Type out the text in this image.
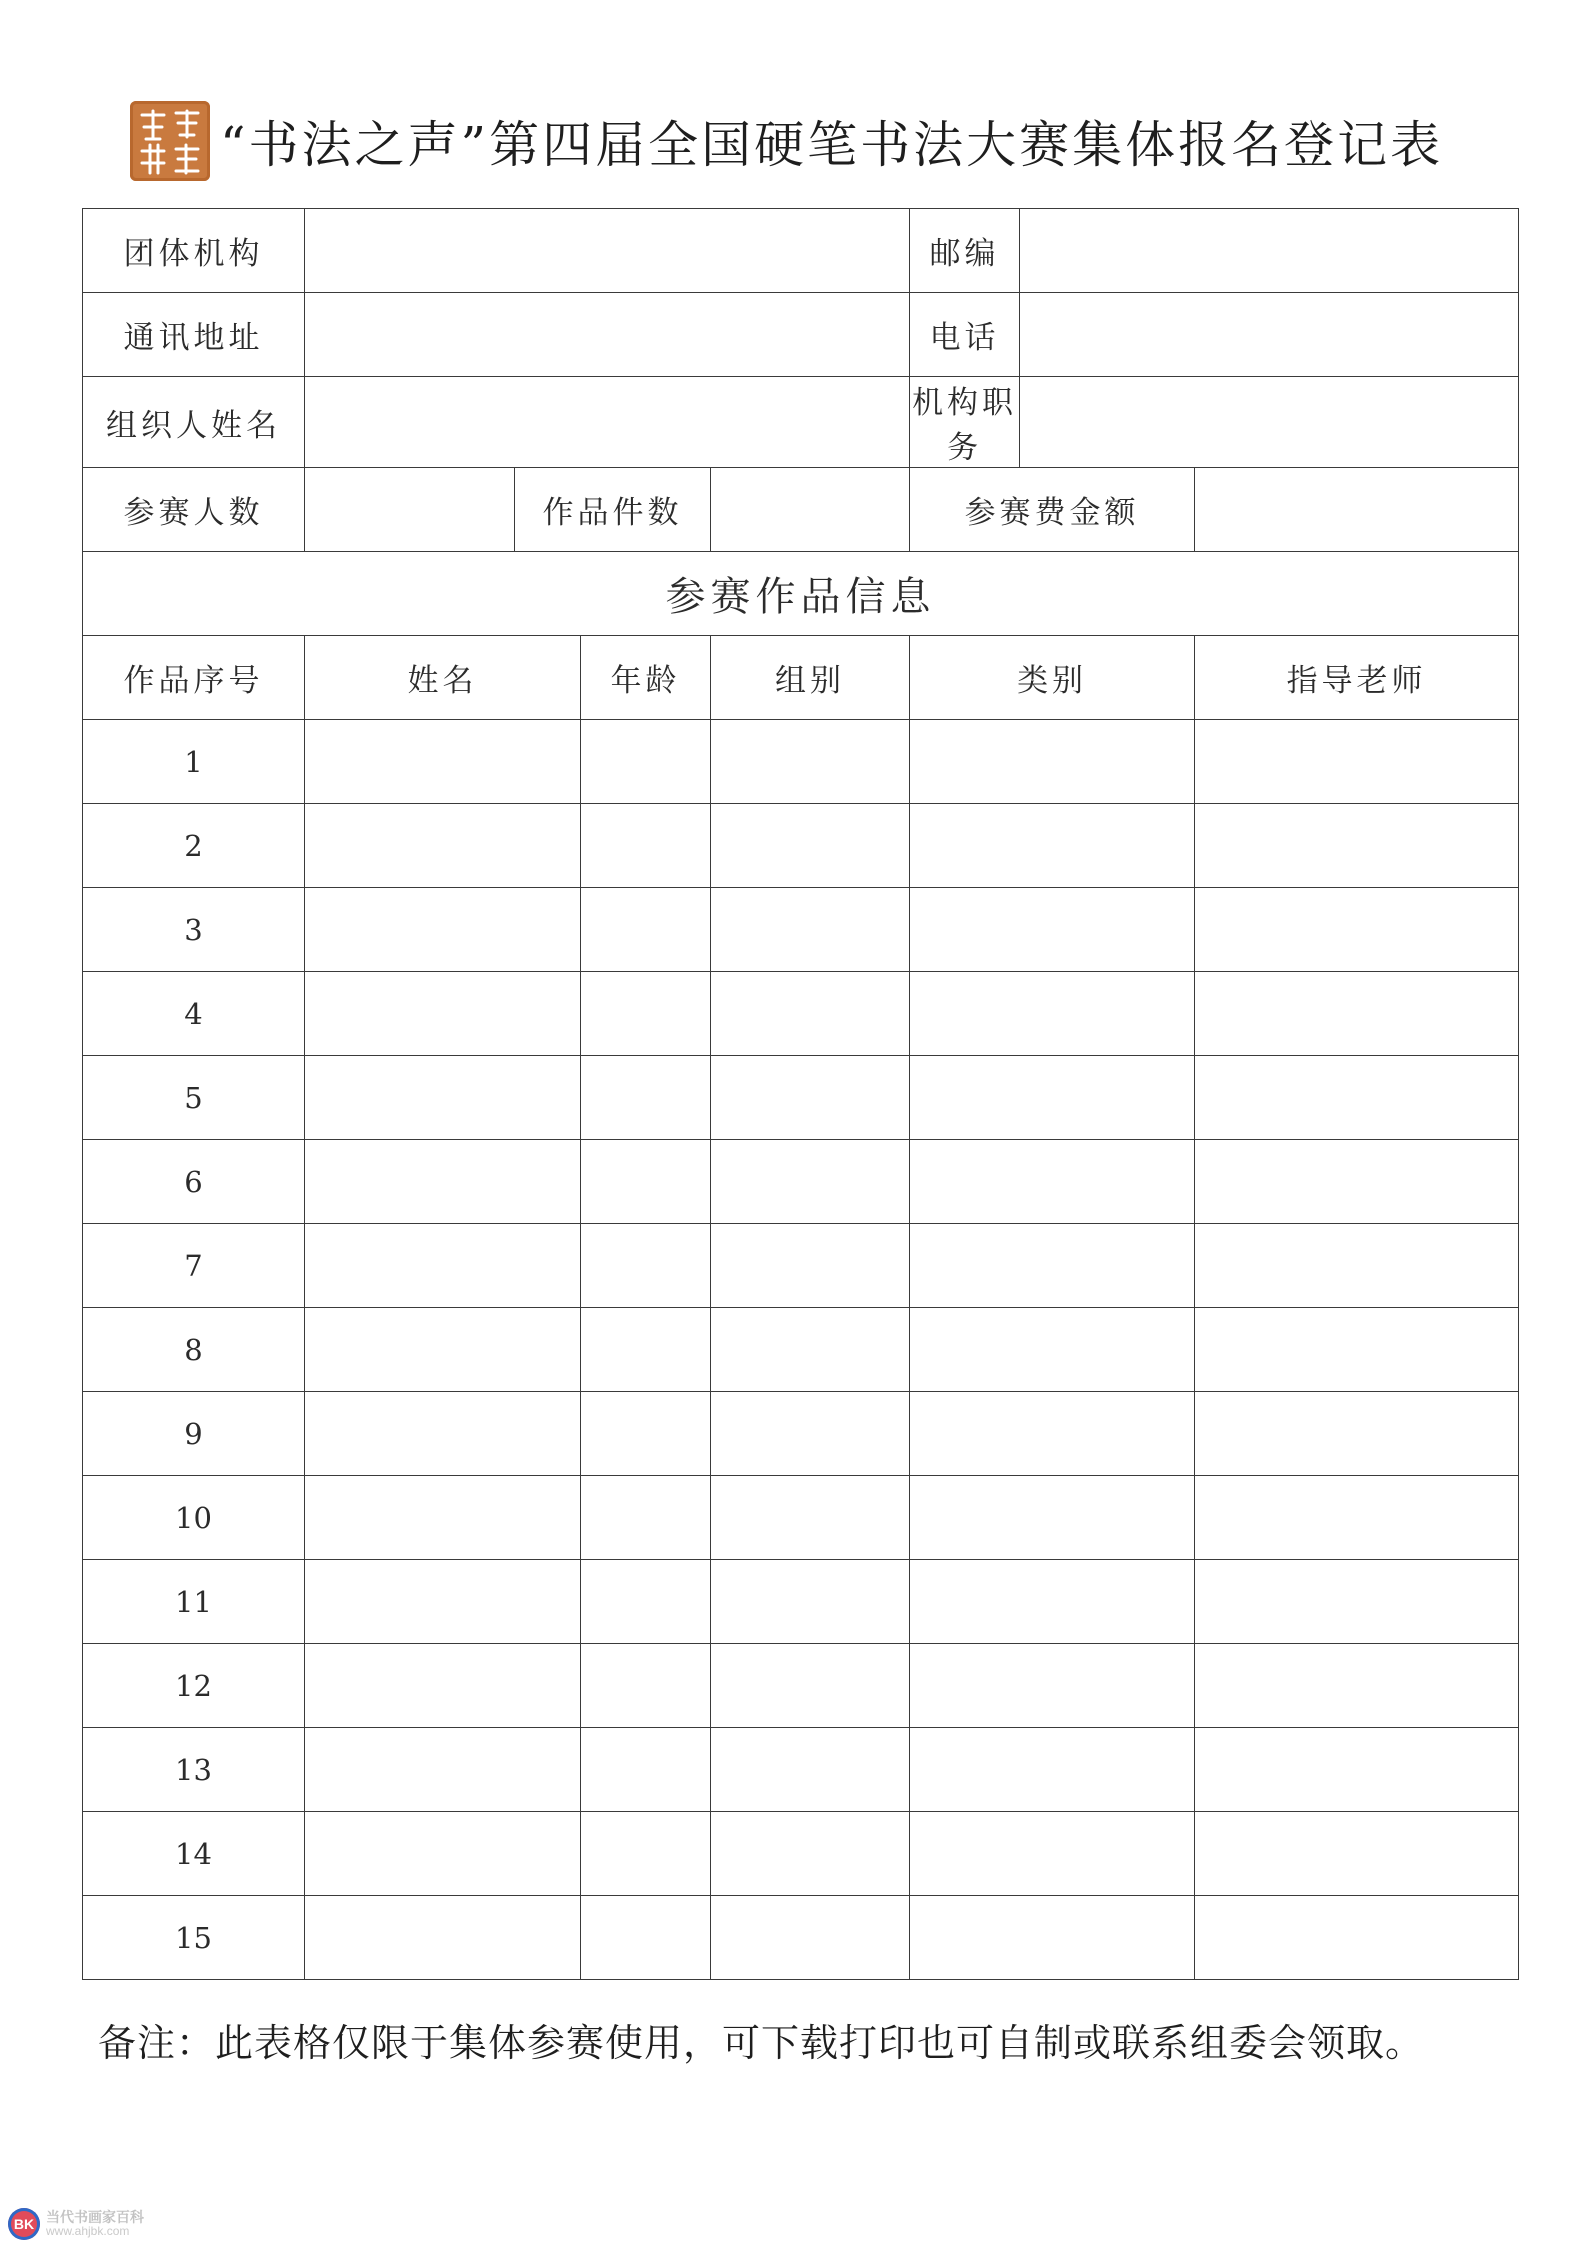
“书法之声”第四届全国硬笔书法大赛集体报名登记表
团体机构					邮编		
通讯地址					电话		
组织人姓名					机构职务		
参赛人数		作品件数			参赛费金额		
参赛作品信息							
作品序号	姓名		年龄	组别	类别		指导老师
1							
2							
3							
4							
5							
6							
7							
8							
9							
10							
11							
12							
13							
14							
15							
备注：此表格仅限于集体参赛使用，可下载打印也可自制或联系组委会领取。
BK 当代书画家百科
www.ahjbk.com
